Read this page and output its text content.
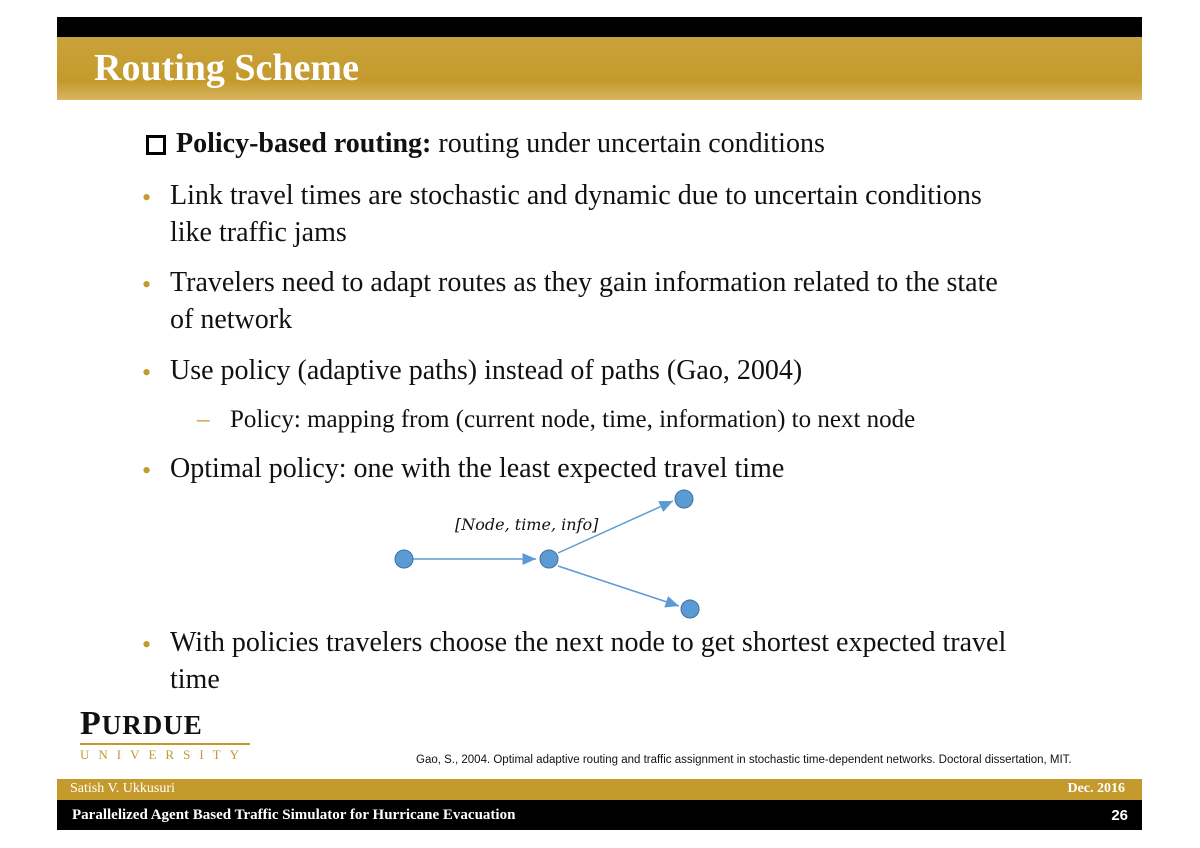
Routing Scheme
Policy-based routing: routing under uncertain conditions
• Link travel times are stochastic and dynamic due to uncertain conditions
like traffic jams
• Travelers need to adapt routes as they gain information related to the state
of network
• Use policy (adaptive paths) instead of paths (Gao, 2004)
– Policy: mapping from (current node, time, information) to next node
• Optimal policy: one with the least expected travel time
• With policies travelers choose the next node to get shortest expected travel
time
[Node, time, info]
PURDUE
UNIVERSITY	Gao, S., 2004. Optimal adaptive routing and traffic assignment in stochastic time-dependent networks. Doctoral dissertation, MIT.
Satish V. Ukkusuri	Dec. 2016
Parallelized Agent Based Traffic Simulator for Hurricane Evacuation	26
